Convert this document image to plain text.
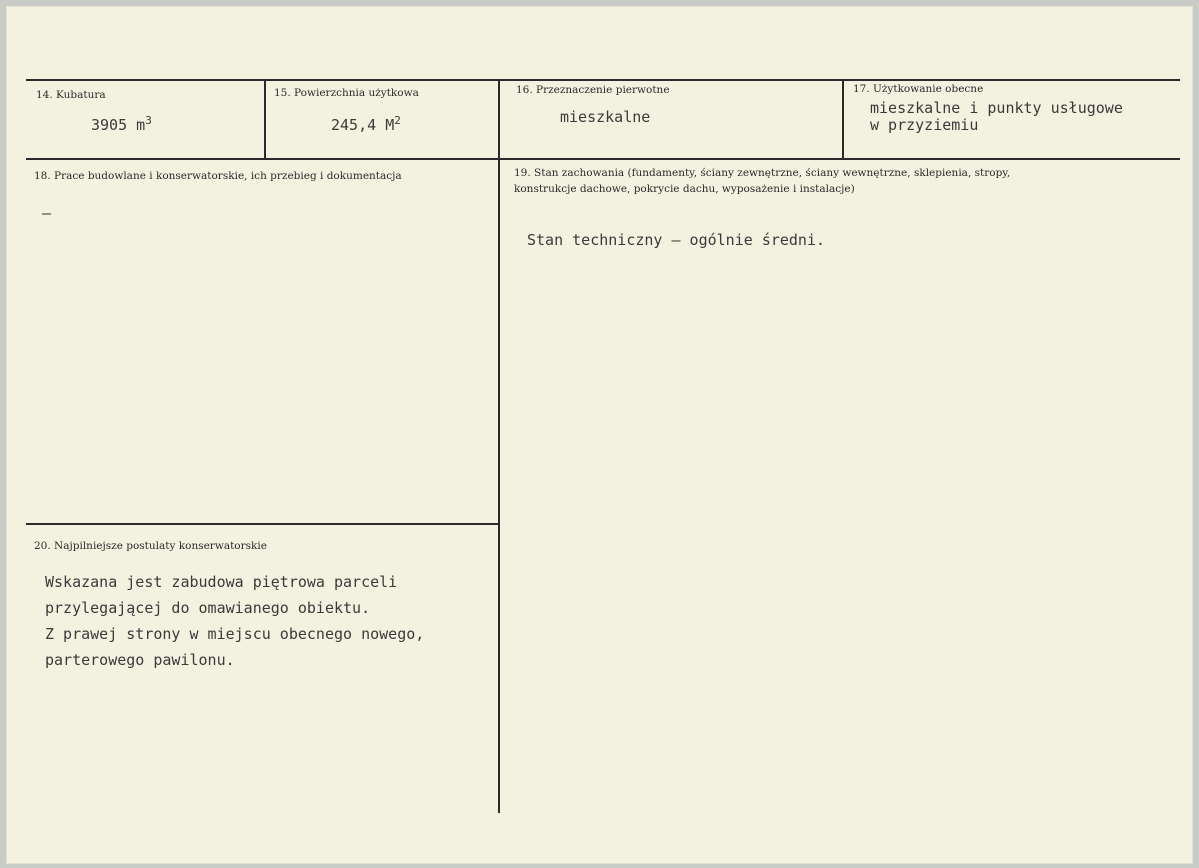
14. Kubatura
3905 $m^3$
15. Powierzchnia użytkowa
245,4 $M^2$
16. Przeznaczenie pierwotne
mieszkalne
17. Użytkowanie obecne
mieszkalne i punkty usługowe
w przyziemiu
18. Prace budowlane i konserwatorskie, ich przebieg i dokumentacja
–
19. Stan zachowania (fundamenty, ściany zewnętrzne, ściany wewnętrzne, sklepienia, stropy,
konstrukcje dachowe, pokrycie dachu, wyposażenie i instalacje)
Stan techniczny – ogólnie średni.
20. Najpilniejsze postulaty konserwatorskie
Wskazana jest zabudowa piętrowa parceli
przylegającej do omawianego obiektu.
Z prawej strony w miejscu obecnego nowego,
parterowego pawilonu.
